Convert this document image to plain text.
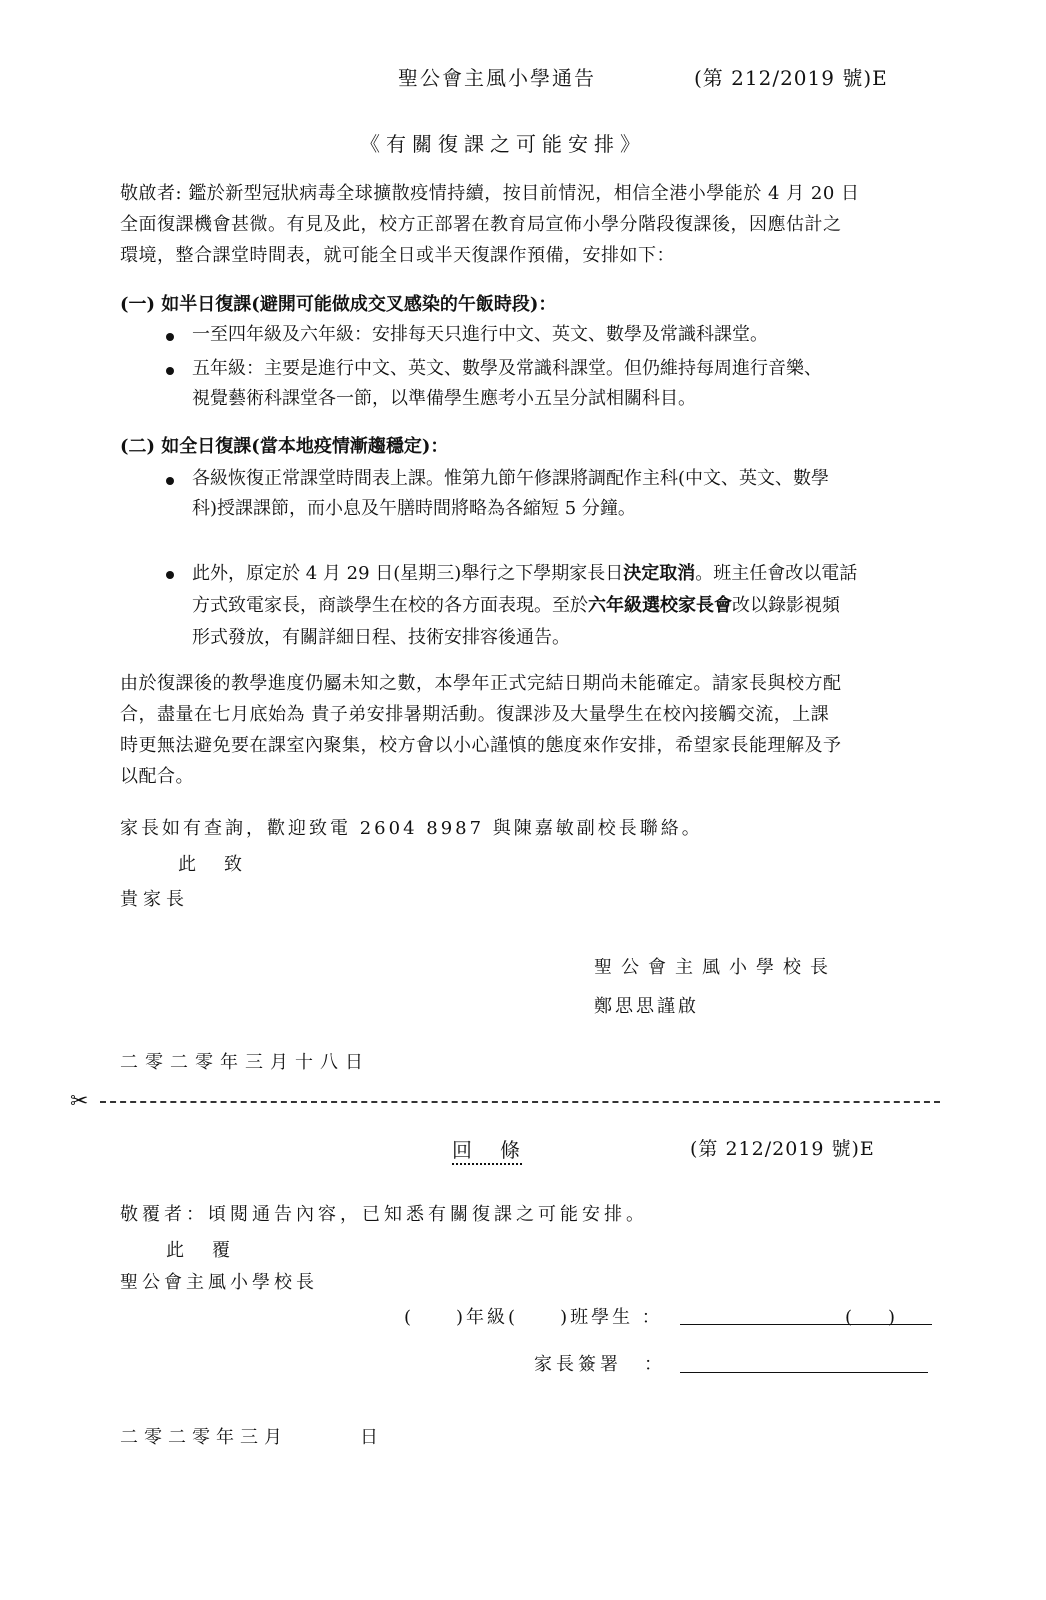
聖公會主風小學通告	(第 212/2019 號)E
《有關復課之可能安排》
敬啟者: 鑑於新型冠狀病毒全球擴散疫情持續，按目前情況，相信全港小學能於 4 月 20 日
全面復課機會甚微。有見及此，校方正部署在教育局宣佈小學分階段復課後，因應估計之
環境，整合課堂時間表，就可能全日或半天復課作預備，安排如下：
(一) 如半日復課(避開可能做成交叉感染的午飯時段)：
一至四年級及六年級：安排每天只進行中文、英文、數學及常識科課堂。
五年級：主要是進行中文、英文、數學及常識科課堂。但仍維持每周進行音樂、
視覺藝術科課堂各一節，以準備學生應考小五呈分試相關科目。
(二) 如全日復課(當本地疫情漸趨穩定)：
各級恢復正常課堂時間表上課。惟第九節午修課將調配作主科(中文、英文、數學
科)授課課節，而小息及午膳時間將略為各縮短 5 分鐘。
此外，原定於 4 月 29 日(星期三)舉行之下學期家長日決定取消。班主任會改以電話
方式致電家長，商談學生在校的各方面表現。至於六年級選校家長會改以錄影視頻
形式發放，有關詳細日程、技術安排容後通告。
由於復課後的教學進度仍屬未知之數，本學年正式完結日期尚未能確定。請家長與校方配
合，盡量在七月底始為 貴子弟安排暑期活動。復課涉及大量學生在校內接觸交流，上課
時更無法避免要在課室內聚集，校方會以小心謹慎的態度來作安排，希望家長能理解及予
以配合。
家長如有查詢，歡迎致電 2604 8987 與陳嘉敏副校長聯絡。
此　致
貴家長
聖公會主風小學校長
鄭思思謹啟
二零二零年三月十八日
✂
回　條	(第 212/2019 號)E
敬覆者：頃閱通告內容，已知悉有關復課之可能安排。
此　覆
聖公會主風小學校長
(　　)年級(　　)班學生 ：	(　　)
家長簽署　：
二零二零年三月　　　日
